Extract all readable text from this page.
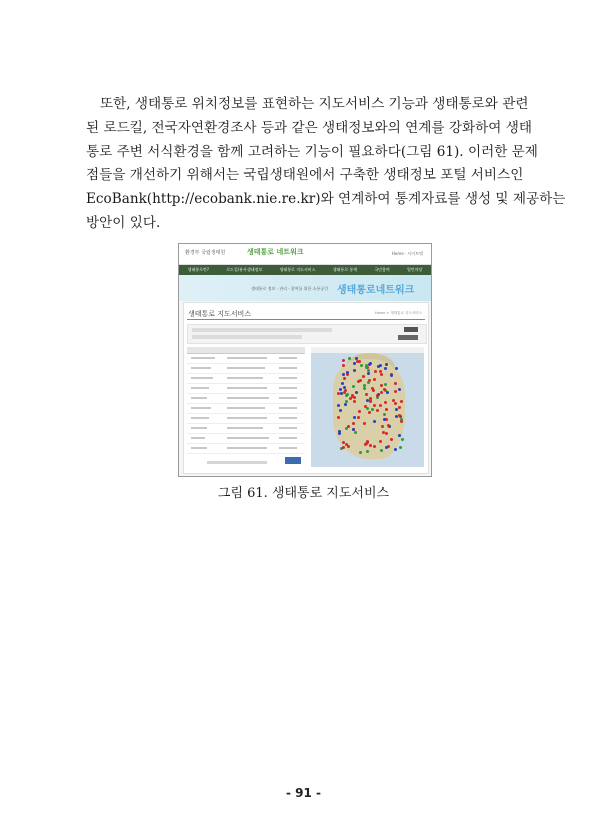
또한, 생태통로 위치정보를 표현하는 지도서비스 기능과 생태통로와 관련
된 로드킬, 전국자연환경조사 등과 같은 생태정보와의 연계를 강화하여 생태
통로 주변 서식환경을 함께 고려하는 기능이 필요하다(그림 61). 이러한 문제
점들을 개선하기 위해서는 국립생태원에서 구축한 생태정보 포털 서비스인
EcoBank(http://ecobank.nie.re.kr)와 연계하여 통계자료를 생성 및 제공하는
방안이 있다.
환경부 국립생태원	생태통로 네트워크	Home · 사이트맵
생태통로란?	로드킬/유사생태정보	생태통로 지도서비스	생태통로 통계	국민참여	열린마당
생태통로 정보 · 관리 · 참여를 위한 소통공간 생태통로네트워크
생태통로 지도서비스	Home > 생태통로 지도서비스
그림 61. 생태통로 지도서비스
- 91 -
